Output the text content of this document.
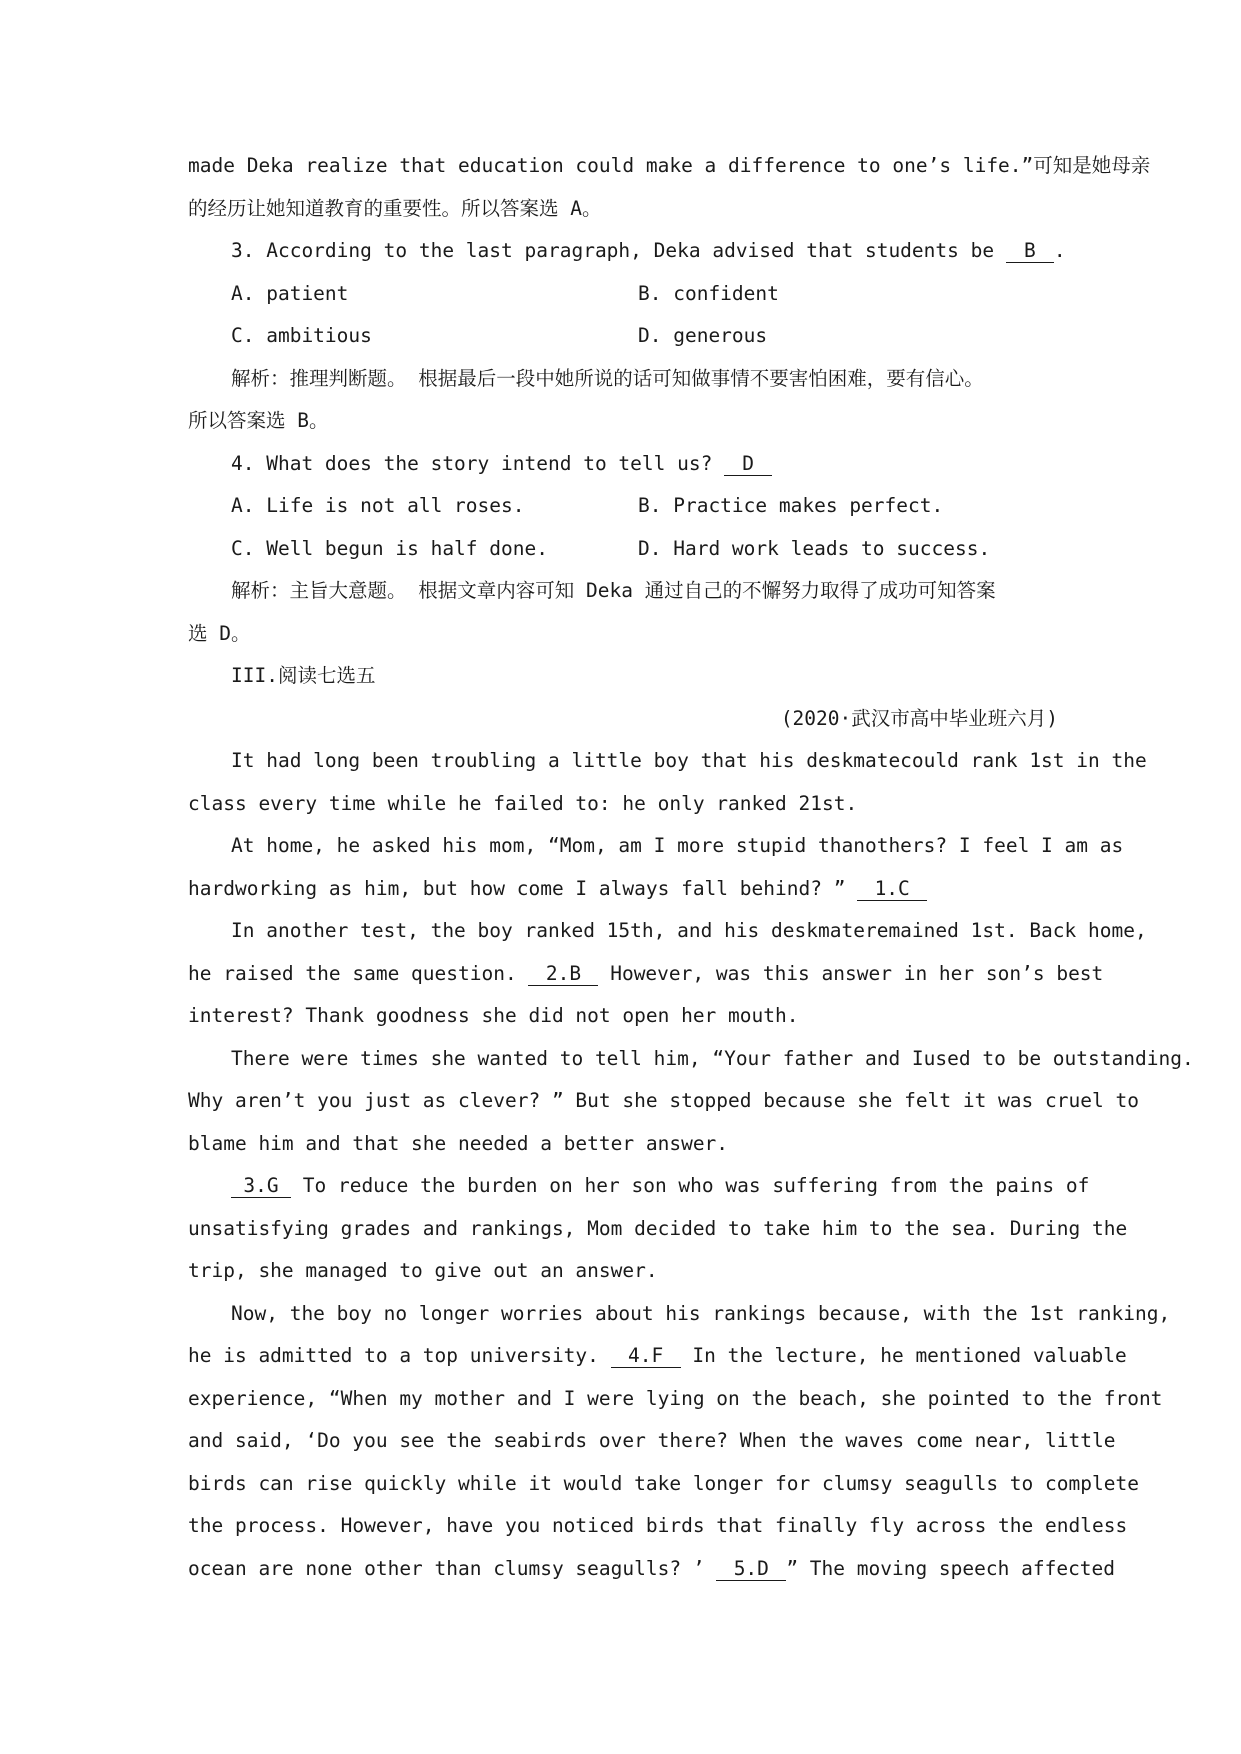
made Deka realize that education could make a difference to one’s life.”可知是她母亲
的经历让她知道教育的重要性。所以答案选 A。
3. According to the last paragraph, Deka advised that students be B .
A. patient	B. confident
C. ambitious	D. generous
解析：推理判断题。 根据最后一段中她所说的话可知做事情不要害怕困难，要有信心。
所以答案选 B。
4. What does the story intend to tell us? D
A. Life is not all roses.	B. Practice makes perfect.
C. Well begun is half done.	D. Hard work leads to success.
解析：主旨大意题。 根据文章内容可知 Deka 通过自己的不懈努力取得了成功可知答案
选 D。
III.阅读七选五
(2020·武汉市高中毕业班六月)
It had long been troubling a little boy that his deskmatecould rank 1st in the
class every time while he failed to: he only ranked 21st.
At home, he asked his mom, “Mom, am I more stupid thanothers? I feel I am as
hardworking as him, but how come I always fall behind? ” 1.C
In another test, the boy ranked 15th, and his deskmateremained 1st. Back home,
he raised the same question. 2.B However, was this answer in her son’s best
interest? Thank goodness she did not open her mouth.
There were times she wanted to tell him, “Your father and Iused to be outstanding.
Why aren’t you just as clever? ” But she stopped because she felt it was cruel to
blame him and that she needed a better answer.
3.G To reduce the burden on her son who was suffering from the pains of
unsatisfying grades and rankings, Mom decided to take him to the sea. During the
trip, she managed to give out an answer.
Now, the boy no longer worries about his rankings because, with the 1st ranking,
he is admitted to a top university. 4.F In the lecture, he mentioned valuable
experience, “When my mother and I were lying on the beach, she pointed to the front
and said, ‘Do you see the seabirds over there? When the waves come near, little
birds can rise quickly while it would take longer for clumsy seagulls to complete
the process. However, have you noticed birds that finally fly across the endless
ocean are none other than clumsy seagulls? ’ 5.D ” The moving speech affected
